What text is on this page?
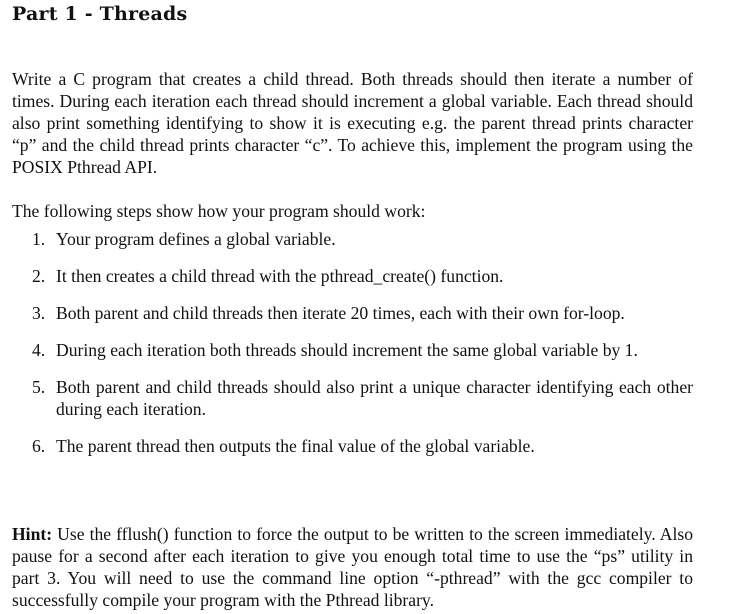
Part 1 - Threads

Write a C program that creates a child thread. Both threads should then iterate a number of times. During each iteration each thread should increment a global variable. Each thread should also print something identifying to show it is executing e.g. the parent thread prints character “p” and the child thread prints character “c”. To achieve this, implement the program using the POSIX Pthread API.

The following steps show how your program should work:

1. Your program defines a global variable.
2. It then creates a child thread with the pthread_create() function.
3. Both parent and child threads then iterate 20 times, each with their own for-loop.
4. During each iteration both threads should increment the same global variable by 1.
5. Both parent and child threads should also print a unique character identifying each other during each iteration.
6. The parent thread then outputs the final value of the global variable.

Hint: Use the fflush() function to force the output to be written to the screen immediately. Also pause for a second after each iteration to give you enough total time to use the “ps” utility in part 3. You will need to use the command line option “-pthread” with the gcc compiler to successfully compile your program with the Pthread library.
